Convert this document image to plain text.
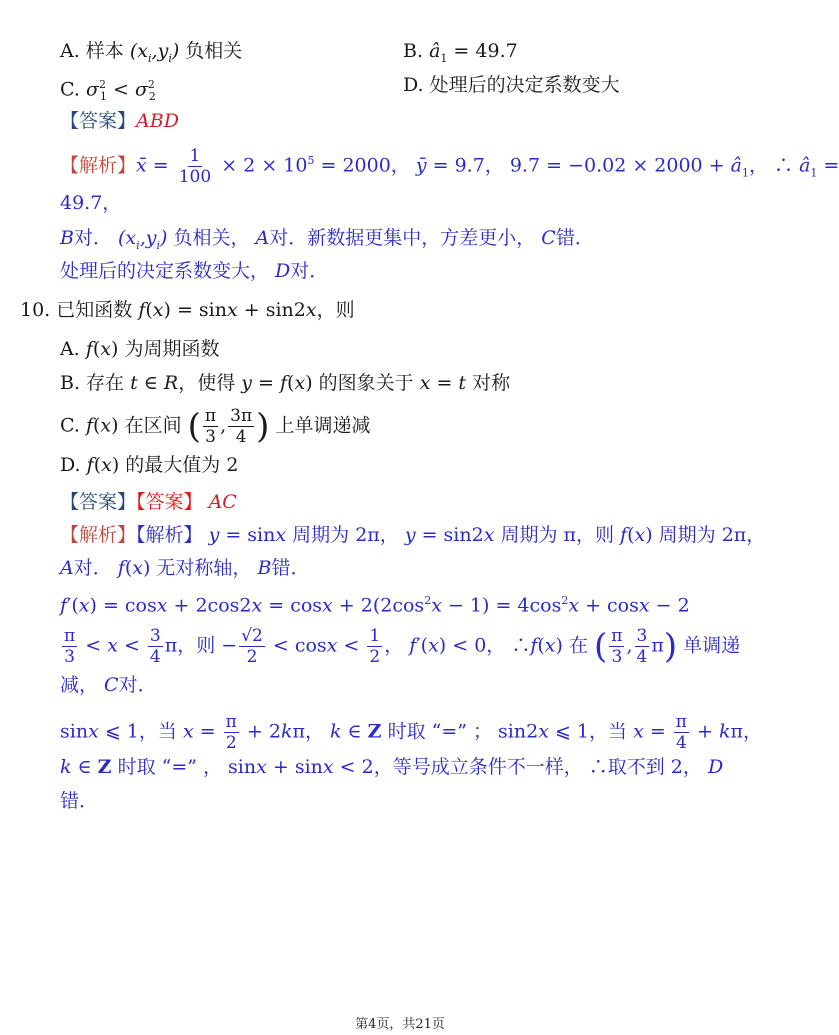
A. 样本 $(x_i,y_i)$ 负相关	B. $â_1 = 49.7$
C. $\sigma^2_1 < \sigma^2_2$
D. 处理后的决定系数变大
【答案】ABD
【解析】x̄ = $\frac{1}{100} \times 2 \times 10^5 = 2000$， ȳ = 9.7， $9.7 = -0.02 \times 2000 + â_1$， ∴ $â_1$ =
49.7，
B对． $(x_i,y_i)$ 负相关， A对．新数据更集中，方差更小， C错．
处理后的决定系数变大， D对．
10. 已知函数 f(x) = sinx + sin2x，则
A. f(x) 为周期函数
B. 存在 t ∈ R，使得 y = f(x) 的图象关于 x = t 对称
C. f(x) 在区间 ( $\frac{\pi}{3}$ , $\frac{3\pi}{4}$ ) 上单调递减
D. f(x) 的最大值为 2
【答案】【答案】 AC
【解析】【解析】 y = sinx 周期为 2π， y = sin2x 周期为 π，则 f(x) 周期为 2π，
A对． f(x) 无对称轴， B错．
$f'(x) = \cos x + 2\cos 2x = \cos x + 2(2\cos^2x - 1) = 4\cos^2x + \cos x - 2$
$\frac{\pi}{3} < x < \frac{3}{4}$ π，则 − $\frac{√2}{2} < \cos x < \frac{1}{2}$ ， f′(x) < 0， ∴f(x) 在 ( $\frac{\pi}{3}$ , $\frac{3}{4} \pi$) 单调递
减， C对．
sinx ⩽ 1，当 $x = \frac{\pi}{2} + 2k\pi$， k ∈ Z 时取 “=” ； sin2x ⩽ 1，当 $x = \frac{\pi}{4} + k\pi$，
k ∈ Z 时取 “=” ， sinx + sinx < 2，等号成立条件不一样， ∴取不到 2， D
错．
第4页，共21页
